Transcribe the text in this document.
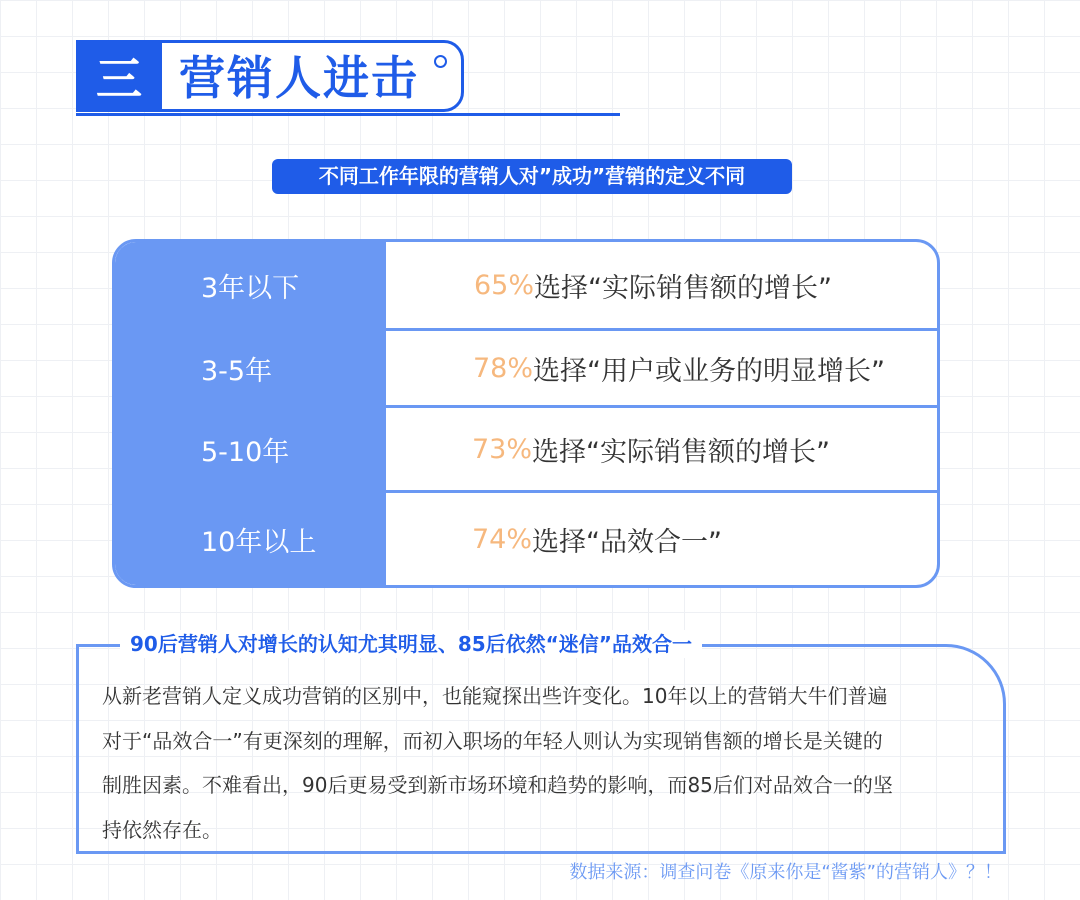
三 营销人进击
不同工作年限的营销人对”成功”营销的定义不同
3年以下	65% 选择“实际销售额的增长”
3-5年	78% 选择“用户或业务的明显增长”
5-10年	73% 选择“实际销售额的增长”
10年以上	74% 选择“品效合一”
90后营销人对增长的认知尤其明显、85后依然“迷信”品效合一
从新老营销人定义成功营销的区别中，也能窥探出些许变化。10年以上的营销大牛们普遍
对于“品效合一”有更深刻的理解，而初入职场的年轻人则认为实现销售额的增长是关键的
制胜因素。不难看出，90后更易受到新市场环境和趋势的影响，而85后们对品效合一的坚
持依然存在。
数据来源：调查问卷《原来你是“酱紫”的营销人》？！
